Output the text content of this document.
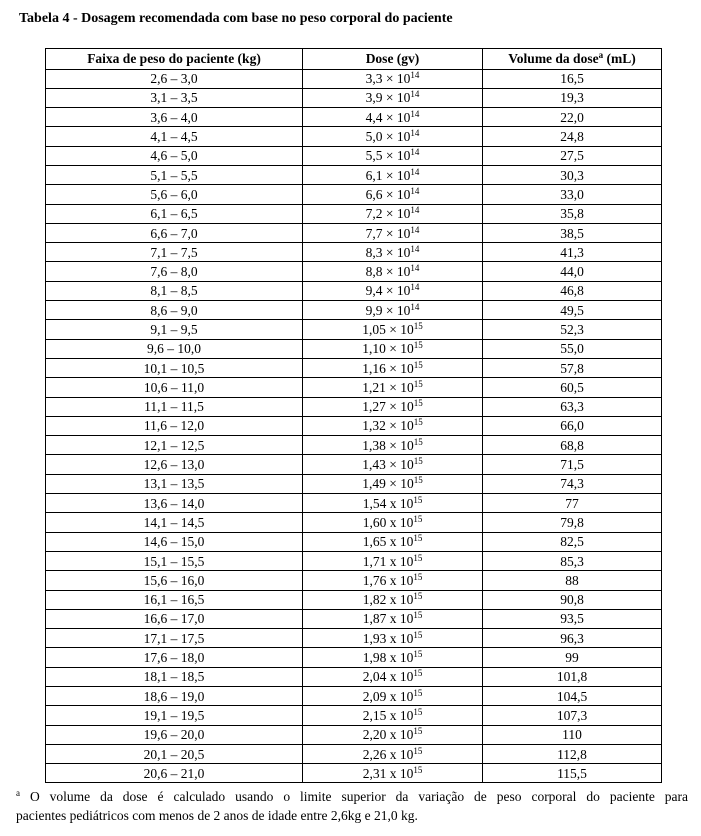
Tabela 4 - Dosagem recomendada com base no peso corporal do paciente
Faixa de peso do paciente (kg)	Dose (gv)	Volume da dose$^a$ (mL)
2,6 – 3,0	$3,3 \times 10^{14}$	16,5
3,1 – 3,5	$3,9 \times 10^{14}$	19,3
3,6 – 4,0	$4,4 \times 10^{14}$	22,0
4,1 – 4,5	$5,0 \times 10^{14}$	24,8
4,6 – 5,0	$5,5 \times 10^{14}$	27,5
5,1 – 5,5	$6,1 \times 10^{14}$	30,3
5,6 – 6,0	$6,6 \times 10^{14}$	33,0
6,1 – 6,5	$7,2 \times 10^{14}$	35,8
6,6 – 7,0	$7,7 \times 10^{14}$	38,5
7,1 – 7,5	$8,3 \times 10^{14}$	41,3
7,6 – 8,0	$8,8 \times 10^{14}$	44,0
8,1 – 8,5	$9,4 \times 10^{14}$	46,8
8,6 – 9,0	$9,9 \times 10^{14}$	49,5
9,1 – 9,5	$1,05 \times 10^{15}$	52,3
9,6 – 10,0	$1,10 \times 10^{15}$	55,0
10,1 – 10,5	$1,16 \times 10^{15}$	57,8
10,6 – 11,0	$1,21 \times 10^{15}$	60,5
11,1 – 11,5	$1,27 \times 10^{15}$	63,3
11,6 – 12,0	$1,32 \times 10^{15}$	66,0
12,1 – 12,5	$1,38 \times 10^{15}$	68,8
12,6 – 13,0	$1,43 \times 10^{15}$	71,5
13,1 – 13,5	$1,49 \times 10^{15}$	74,3
13,6 – 14,0	1,54 x $10^{15}$	77
14,1 – 14,5	1,60 x $10^{15}$	79,8
14,6 – 15,0	1,65 x $10^{15}$	82,5
15,1 – 15,5	1,71 x $10^{15}$	85,3
15,6 – 16,0	1,76 x $10^{15}$	88
16,1 – 16,5	1,82 x $10^{15}$	90,8
16,6 – 17,0	1,87 x $10^{15}$	93,5
17,1 – 17,5	1,93 x $10^{15}$	96,3
17,6 – 18,0	1,98 x $10^{15}$	99
18,1 – 18,5	2,04 x $10^{15}$	101,8
18,6 – 19,0	2,09 x $10^{15}$	104,5
19,1 – 19,5	2,15 x $10^{15}$	107,3
19,6 – 20,0	2,20 x $10^{15}$	110
20,1 – 20,5	2,26 x $10^{15}$	112,8
20,6 – 21,0	2,31 x $10^{15}$	115,5
$^a$ O volume da dose é calculado usando o limite superior da variação de peso corporal do paciente para
pacientes pediátricos com menos de 2 anos de idade entre 2,6kg e 21,0 kg.
